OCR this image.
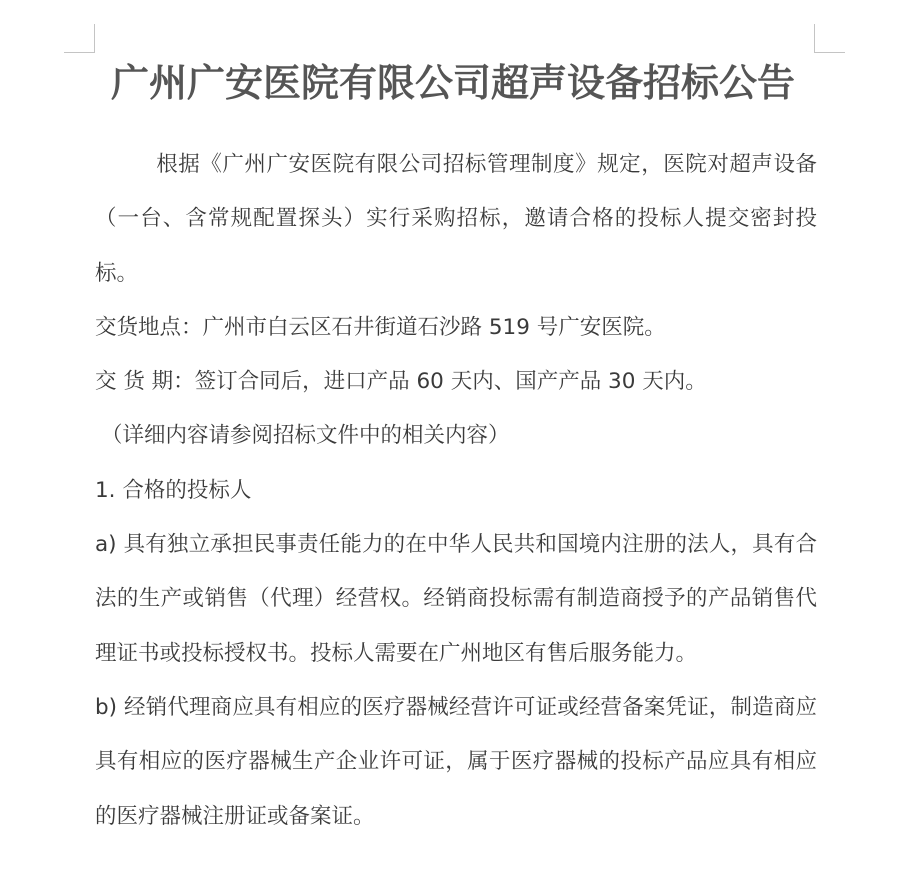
广州广安医院有限公司超声设备招标公告

根据《广州广安医院有限公司招标管理制度》规定，医院对超声设备（一台、含常规配置探头）实行采购招标，邀请合格的投标人提交密封投标。

交货地点：广州市白云区石井街道石沙路 519 号广安医院。

交 货 期：签订合同后，进口产品 60 天内、国产产品 30 天内。

（详细内容请参阅招标文件中的相关内容）

1. 合格的投标人

a) 具有独立承担民事责任能力的在中华人民共和国境内注册的法人，具有合法的生产或销售（代理）经营权。经销商投标需有制造商授予的产品销售代理证书或投标授权书。投标人需要在广州地区有售后服务能力。

b) 经销代理商应具有相应的医疗器械经营许可证或经营备案凭证，制造商应具有相应的医疗器械生产企业许可证，属于医疗器械的投标产品应具有相应的医疗器械注册证或备案证。
